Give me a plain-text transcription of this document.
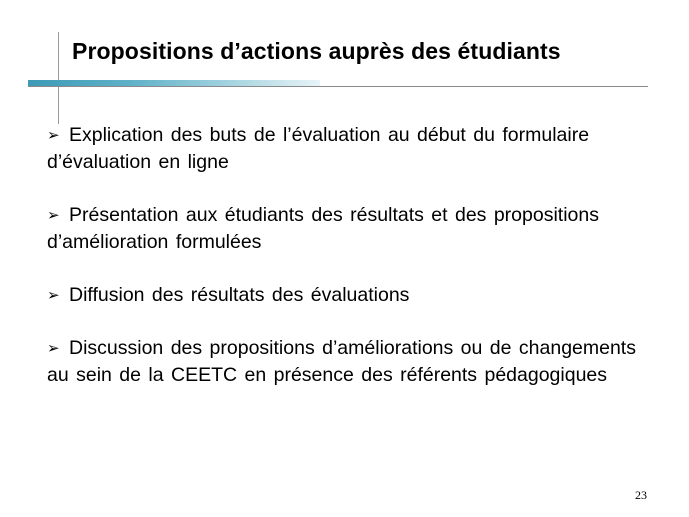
Propositions d’actions auprès des étudiants
➢ Explication des buts de l’évaluation au début du formulaire d’évaluation en ligne
➢ Présentation aux étudiants des résultats et des propositions d’amélioration formulées
➢ Diffusion des résultats des évaluations
➢ Discussion des propositions d’améliorations ou de changements au sein de la CEETC en présence des référents pédagogiques
23
